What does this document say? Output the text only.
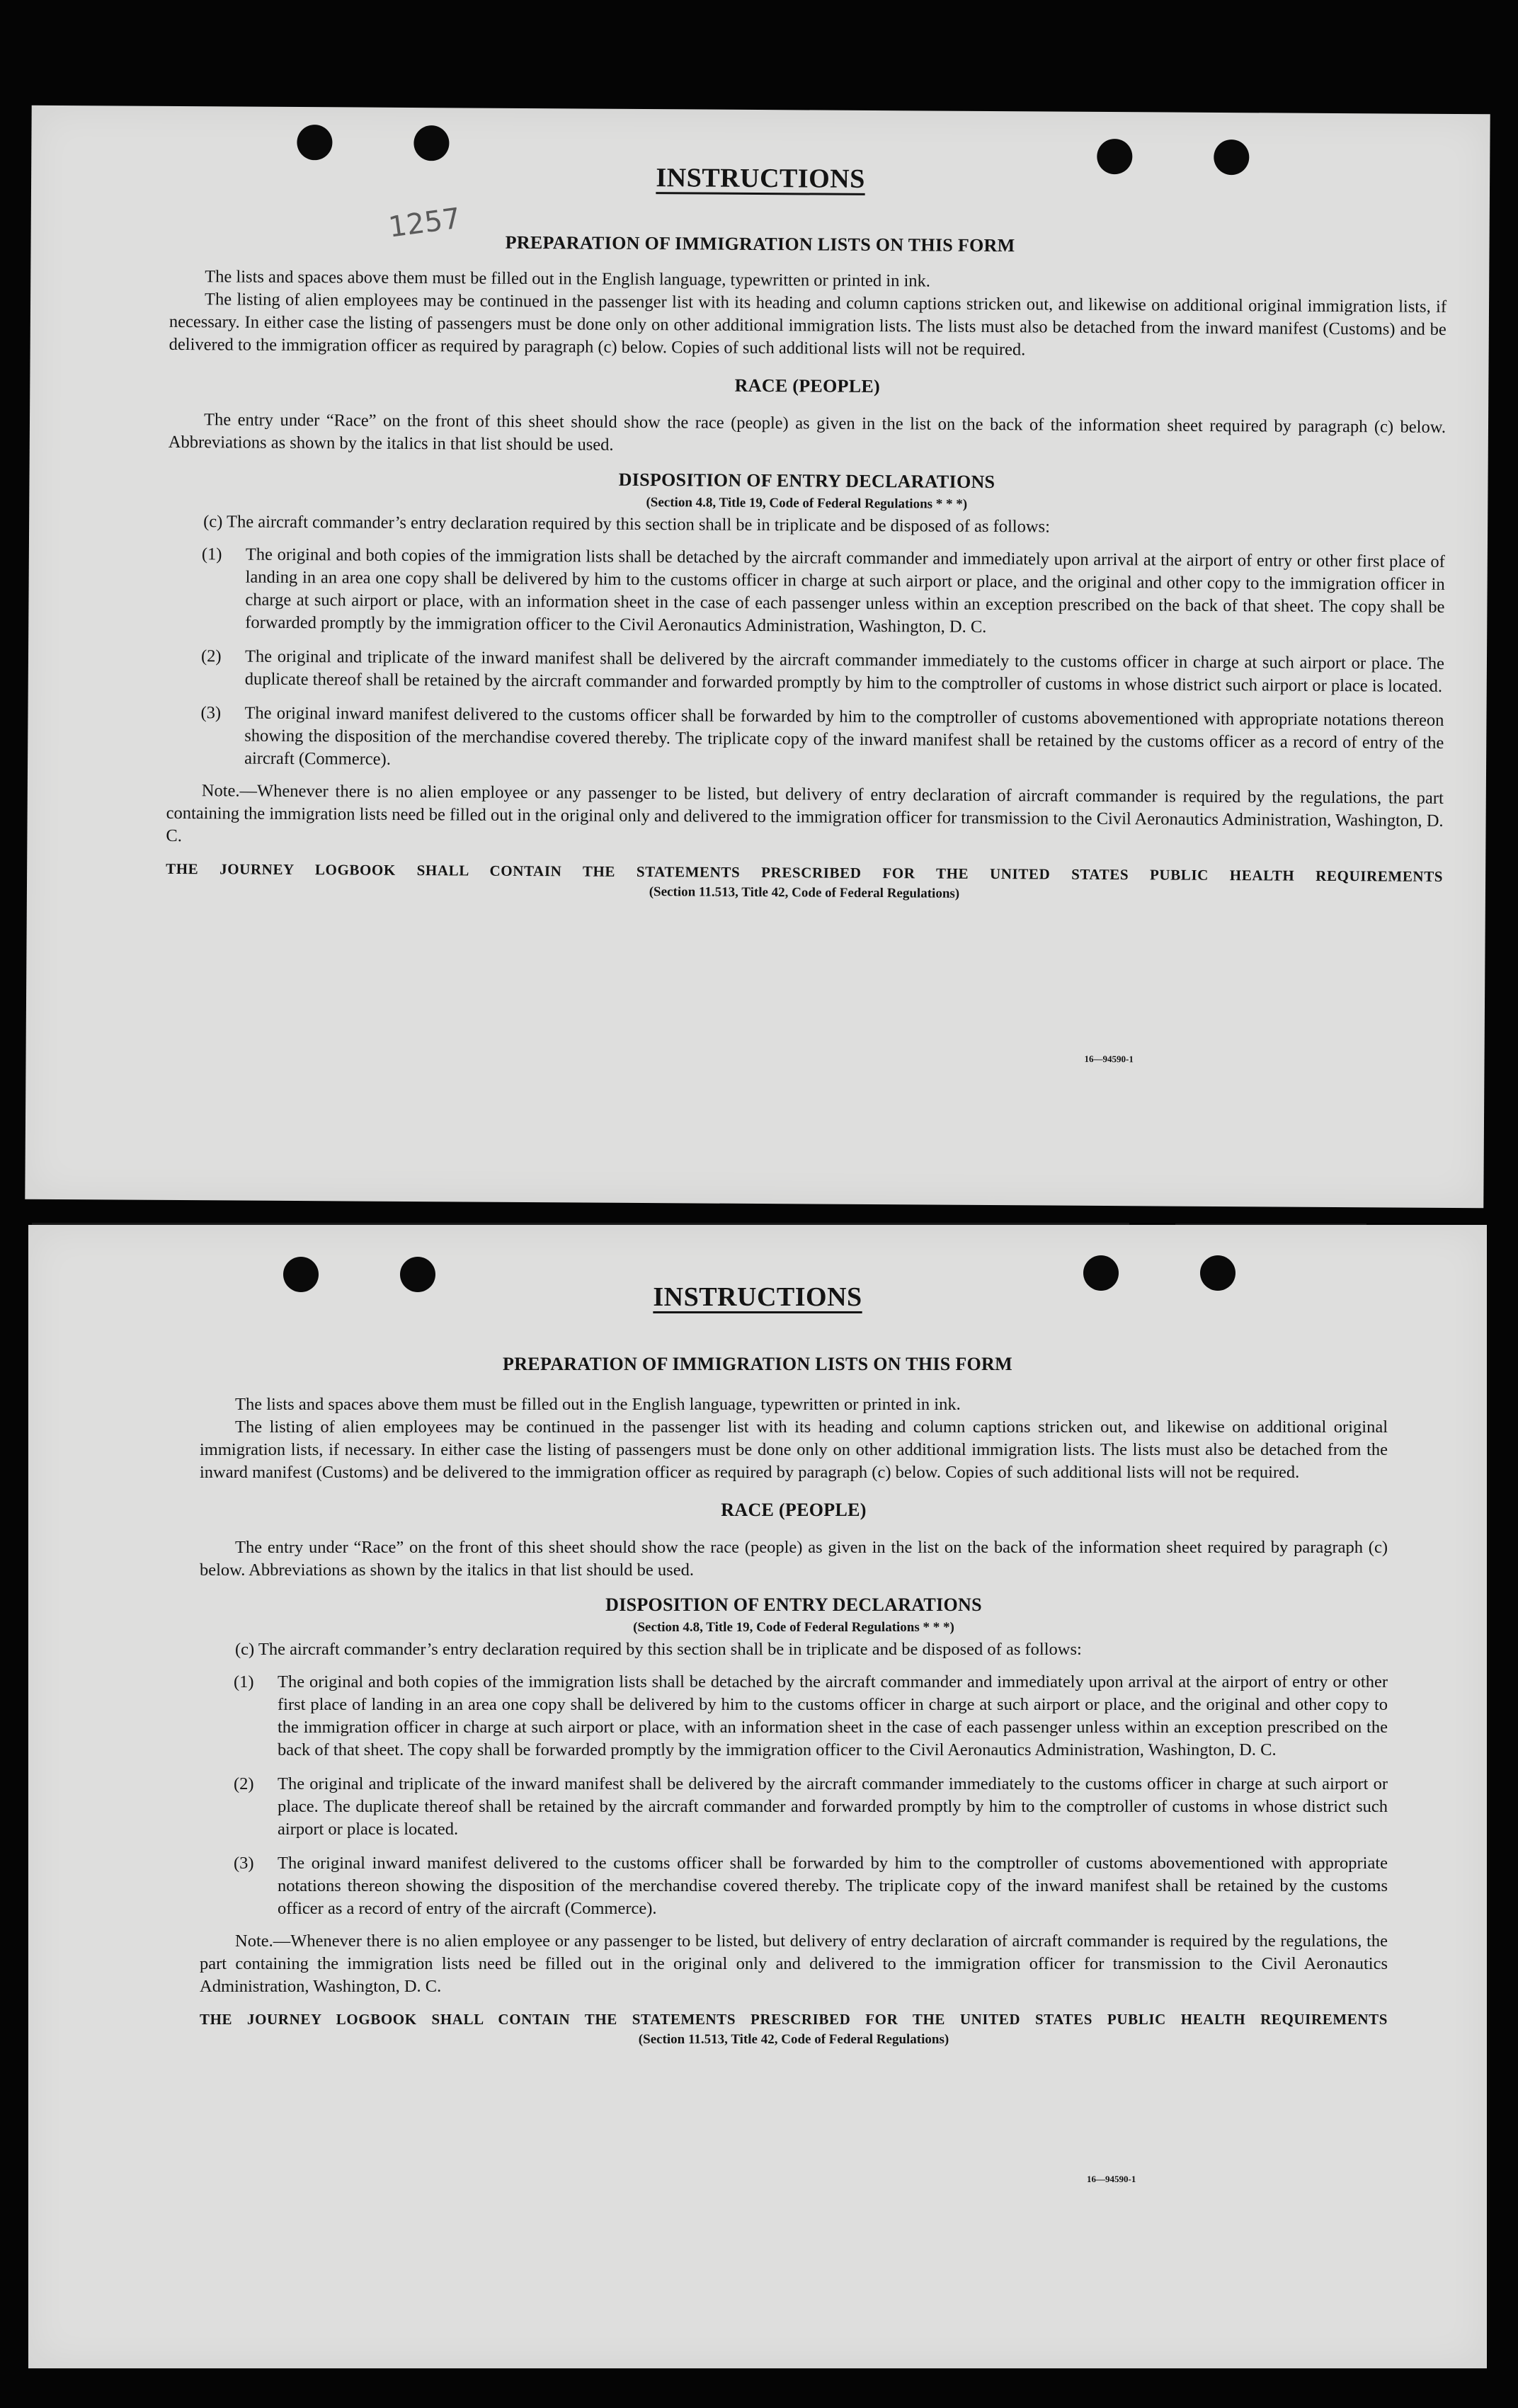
1257
INSTRUCTIONS
PREPARATION OF IMMIGRATION LISTS ON THIS FORM

The lists and spaces above them must be filled out in the English language, typewritten or printed in ink.

The listing of alien employees may be continued in the passenger list with its heading and column captions stricken out, and likewise on additional original immigration lists, if necessary. In either case the listing of passengers must be done only on other additional immigration lists. The lists must also be detached from the inward manifest (Customs) and be delivered to the immigration officer as required by paragraph (c) below. Copies of such additional lists will not be required.

RACE (PEOPLE)

The entry under “Race” on the front of this sheet should show the race (people) as given in the list on the back of the information sheet required by paragraph (c) below. Abbreviations as shown by the italics in that list should be used.

DISPOSITION OF ENTRY DECLARATIONS
(Section 4.8, Title 19, Code of Federal Regulations * * *)

(c) The aircraft commander’s entry declaration required by this section shall be in triplicate and be disposed of as follows:

(1) The original and both copies of the immigration lists shall be detached by the aircraft commander and immediately upon arrival at the airport of entry or other first place of landing in an area one copy shall be delivered by him to the customs officer in charge at such airport or place, and the original and other copy to the immigration officer in charge at such airport or place, with an information sheet in the case of each passenger unless within an exception prescribed on the back of that sheet. The copy shall be forwarded promptly by the immigration officer to the Civil Aeronautics Administration, Washington, D. C.
(2) The original and triplicate of the inward manifest shall be delivered by the aircraft commander immediately to the customs officer in charge at such airport or place. The duplicate thereof shall be retained by the aircraft commander and forwarded promptly by him to the comptroller of customs in whose district such airport or place is located.
(3) The original inward manifest delivered to the customs officer shall be forwarded by him to the comptroller of customs abovementioned with appropriate notations thereon showing the disposition of the merchandise covered thereby. The triplicate copy of the inward manifest shall be retained by the customs officer as a record of entry of the aircraft (Commerce).

Note.—Whenever there is no alien employee or any passenger to be listed, but delivery of entry declaration of aircraft commander is required by the regulations, the part containing the immigration lists need be filled out in the original only and delivered to the immigration officer for transmission to the Civil Aeronautics Administration, Washington, D. C.

THE JOURNEY LOGBOOK SHALL CONTAIN THE STATEMENTS PRESCRIBED FOR THE UNITED STATES PUBLIC HEALTH REQUIREMENTS

(Section 11.513, Title 42, Code of Federal Regulations)
16—94590-1
INSTRUCTIONS
PREPARATION OF IMMIGRATION LISTS ON THIS FORM

The lists and spaces above them must be filled out in the English language, typewritten or printed in ink.

The listing of alien employees may be continued in the passenger list with its heading and column captions stricken out, and likewise on additional original immigration lists, if necessary. In either case the listing of passengers must be done only on other additional immigration lists. The lists must also be detached from the inward manifest (Customs) and be delivered to the immigration officer as required by paragraph (c) below. Copies of such additional lists will not be required.

RACE (PEOPLE)

The entry under “Race” on the front of this sheet should show the race (people) as given in the list on the back of the information sheet required by paragraph (c) below. Abbreviations as shown by the italics in that list should be used.

DISPOSITION OF ENTRY DECLARATIONS
(Section 4.8, Title 19, Code of Federal Regulations * * *)

(c) The aircraft commander’s entry declaration required by this section shall be in triplicate and be disposed of as follows:

(1) The original and both copies of the immigration lists shall be detached by the aircraft commander and immediately upon arrival at the airport of entry or other first place of landing in an area one copy shall be delivered by him to the customs officer in charge at such airport or place, and the original and other copy to the immigration officer in charge at such airport or place, with an information sheet in the case of each passenger unless within an exception prescribed on the back of that sheet. The copy shall be forwarded promptly by the immigration officer to the Civil Aeronautics Administration, Washington, D. C.
(2) The original and triplicate of the inward manifest shall be delivered by the aircraft commander immediately to the customs officer in charge at such airport or place. The duplicate thereof shall be retained by the aircraft commander and forwarded promptly by him to the comptroller of customs in whose district such airport or place is located.
(3) The original inward manifest delivered to the customs officer shall be forwarded by him to the comptroller of customs abovementioned with appropriate notations thereon showing the disposition of the merchandise covered thereby. The triplicate copy of the inward manifest shall be retained by the customs officer as a record of entry of the aircraft (Commerce).

Note.—Whenever there is no alien employee or any passenger to be listed, but delivery of entry declaration of aircraft commander is required by the regulations, the part containing the immigration lists need be filled out in the original only and delivered to the immigration officer for transmission to the Civil Aeronautics Administration, Washington, D. C.

THE JOURNEY LOGBOOK SHALL CONTAIN THE STATEMENTS PRESCRIBED FOR THE UNITED STATES PUBLIC HEALTH REQUIREMENTS

(Section 11.513, Title 42, Code of Federal Regulations)
16—94590-1
